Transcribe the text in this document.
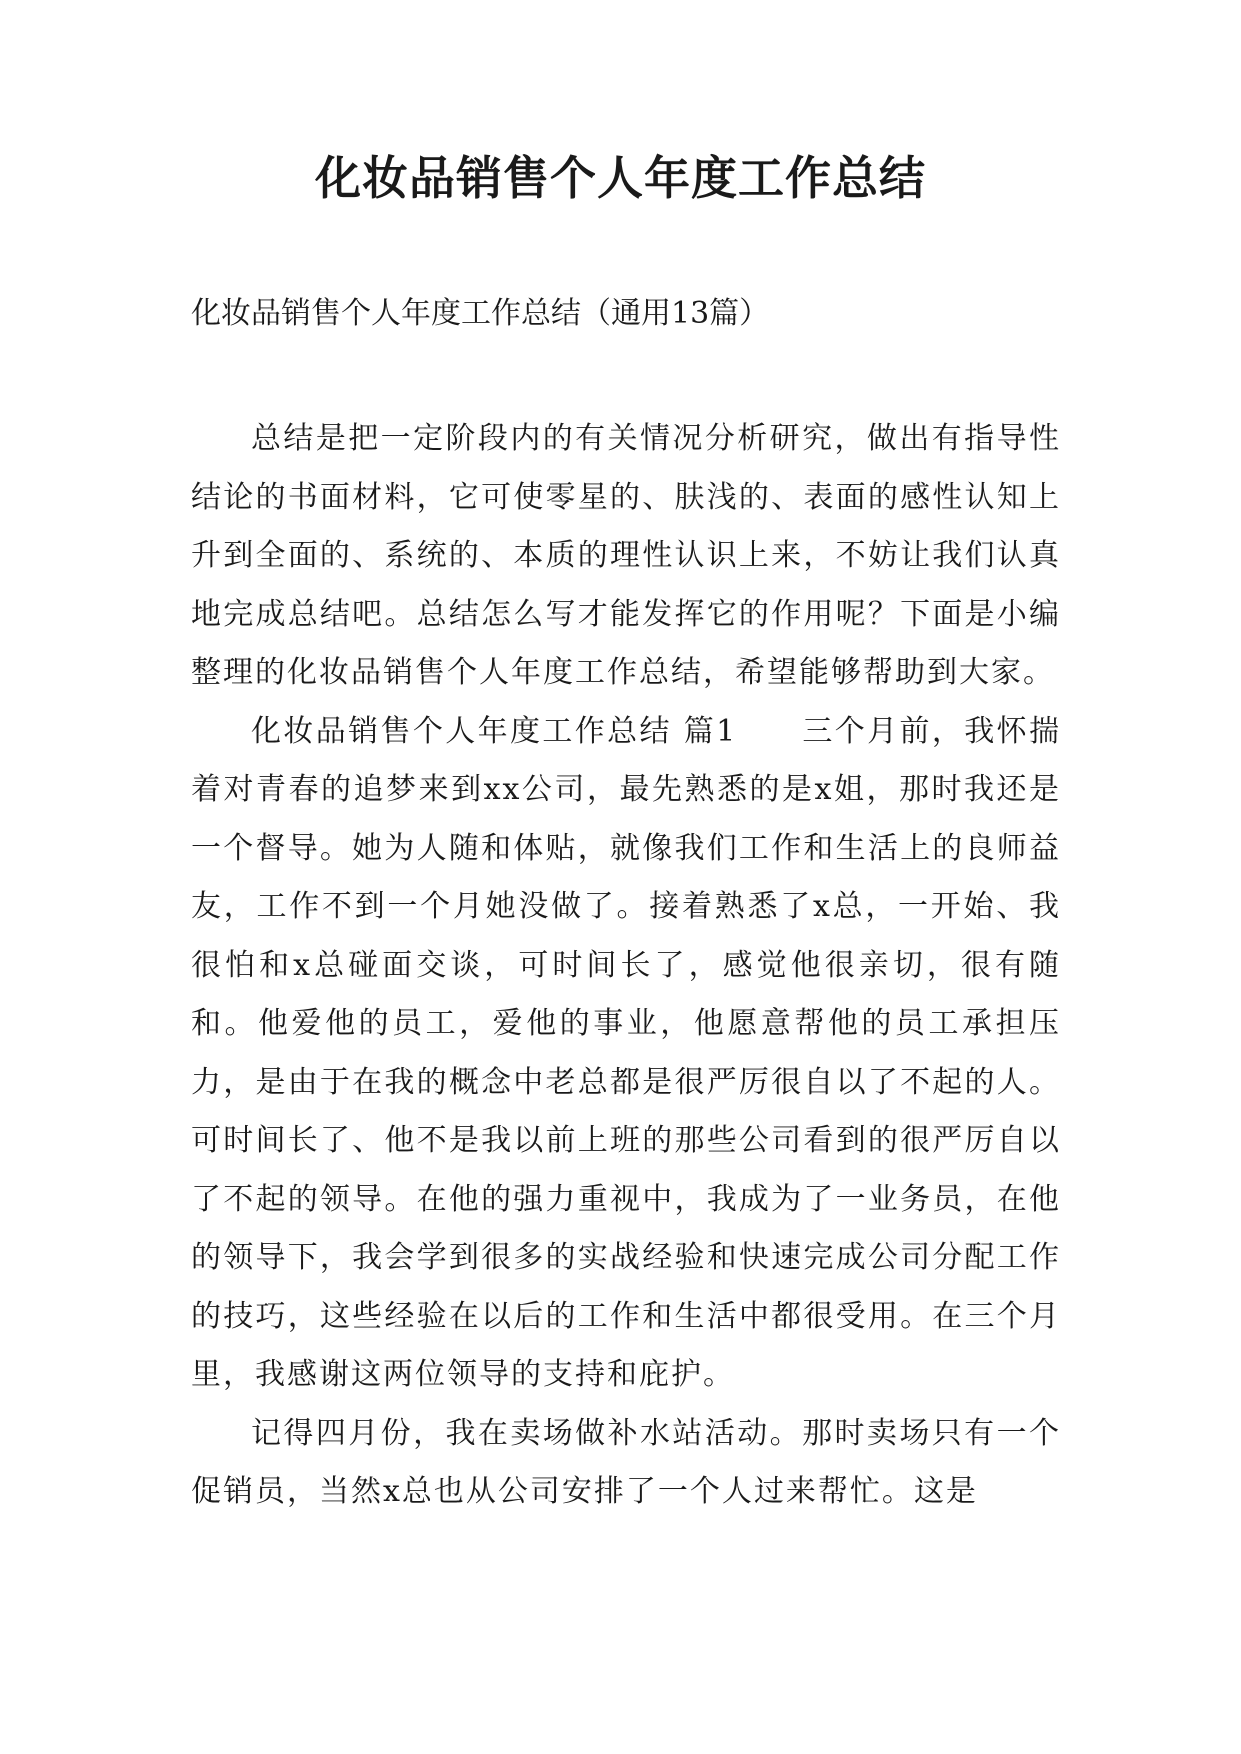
化妆品销售个人年度工作总结

化妆品销售个人年度工作总结（通用13篇）

总结是把一定阶段内的有关情况分析研究，做出有指导性结论的书面材料，它可使零星的、肤浅的、表面的感性认知上升到全面的、系统的、本质的理性认识上来，不妨让我们认真地完成总结吧。总结怎么写才能发挥它的作用呢？下面是小编整理的化妆品销售个人年度工作总结，希望能够帮助到大家。

化妆品销售个人年度工作总结 篇1　　三个月前，我怀揣着对青春的追梦来到xx公司，最先熟悉的是x姐，那时我还是一个督导。她为人随和体贴，就像我们工作和生活上的良师益友，工作不到一个月她没做了。接着熟悉了x总，一开始、我很怕和x总碰面交谈，可时间长了，感觉他很亲切，很有随和。他爱他的员工，爱他的事业，他愿意帮他的员工承担压力，是由于在我的概念中老总都是很严厉很自以了不起的人。可时间长了、他不是我以前上班的那些公司看到的很严厉自以了不起的领导。在他的强力重视中，我成为了一业务员，在他的领导下，我会学到很多的实战经验和快速完成公司分配工作的技巧，这些经验在以后的工作和生活中都很受用。在三个月里，我感谢这两位领导的支持和庇护。

记得四月份，我在卖场做补水站活动。那时卖场只有一个促销员，当然x总也从公司安排了一个人过来帮忙。这是
